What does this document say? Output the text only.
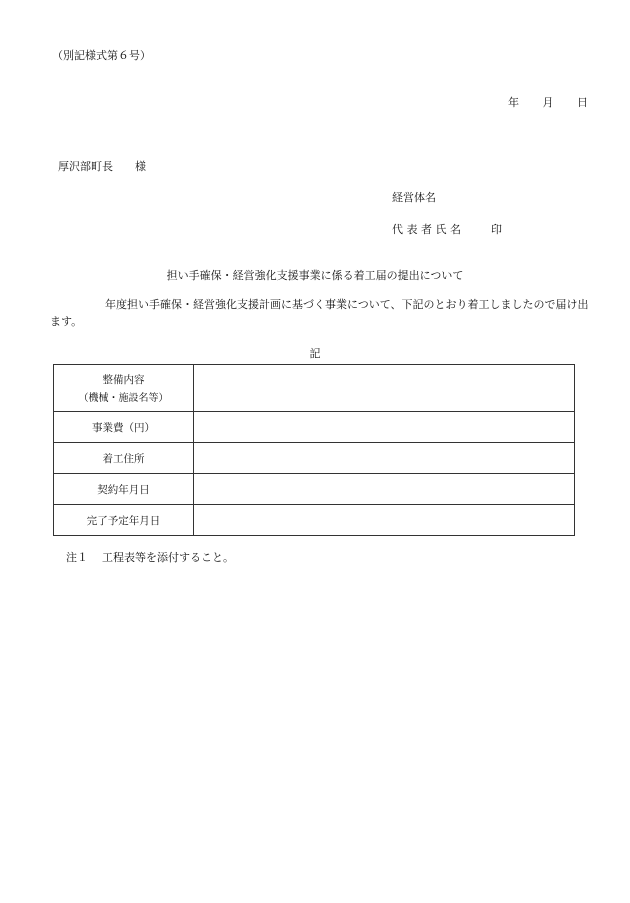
（別記様式第６号）
年 月 日
厚沢部町長 様
経営体名
代 表 者 氏 名	印
担い手確保・経営強化支援事業に係る着工届の提出について
年度担い手確保・経営強化支援計画に基づく事業について、下記のとおり着工しましたので届け出ます。
記
整備内容
（機械・施設名等）	

事業費（円）	
着工住所	
契約年月日	
完了予定年月日	
注１ 工程表等を添付すること。
